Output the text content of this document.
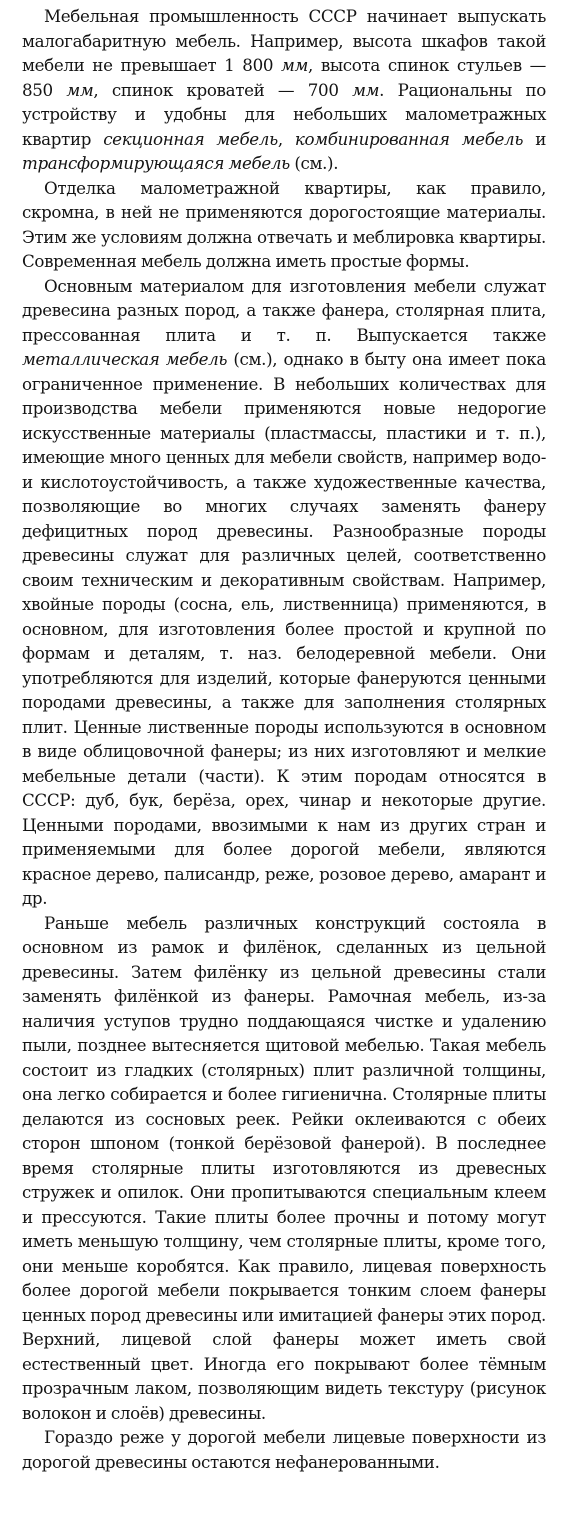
Мебельная промышленность СССР начинает выпускать малогабаритную мебель. Например, высота шкафов такой мебели не превышает 1 800 мм, высота спинок стульев — 850 мм, спинок кроватей — 700 мм. Рациональны по устройству и удобны для небольших малометражных квартир секционная мебель, комбинированная мебель и трансформирующаяся мебель (см.).

Отделка малометражной квартиры, как правило, скромна, в ней не применяются дорогостоящие материалы. Этим же условиям должна отвечать и меблировка квартиры. Современная мебель должна иметь простые формы.

Основным материалом для изготовления мебели служат древесина разных пород, а также фанера, столярная плита, прессованная плита и т. п. Выпускается также металлическая мебель (см.), однако в быту она имеет пока ограниченное применение. В небольших количествах для производства мебели применяются новые недорогие искусственные материалы (пластмассы, пластики и т. п.), имеющие много ценных для мебели свойств, например водо- и кислотоустойчивость, а также художественные качества, позволяющие во многих случаях заменять фанеру дефицитных пород древесины. Разнообразные породы древесины служат для различных целей, соответственно своим техническим и декоративным свойствам. Например, хвойные породы (сосна, ель, лиственница) применяются, в основном, для изготовления более простой и крупной по формам и деталям, т. наз. белодеревной мебели. Они употребляются для изделий, которые фанеруются ценными породами древесины, а также для заполнения столярных плит. Ценные лиственные породы используются в основном в виде облицовочной фанеры; из них изготовляют и мелкие мебельные детали (части). К этим породам относятся в СССР: дуб, бук, берёза, орех, чинар и некоторые другие. Ценными породами, ввозимыми к нам из других стран и применяемыми для более дорогой мебели, являются красное дерево, палисандр, реже, розовое дерево, амарант и др.

Раньше мебель различных конструкций состояла в основном из рамок и филёнок, сделанных из цельной древесины. Затем филёнку из цельной древесины стали заменять филёнкой из фанеры. Рамочная мебель, из-за наличия уступов трудно поддающаяся чистке и удалению пыли, позднее вытесняется щитовой мебелью. Такая мебель состоит из гладких (столярных) плит различной толщины, она легко собирается и более гигиенична. Столярные плиты делаются из сосновых реек. Рейки оклеиваются с обеих сторон шпоном (тонкой берёзовой фанерой). В последнее время столярные плиты изготовляются из древесных стружек и опилок. Они пропитываются специальным клеем и прессуются. Такие плиты более прочны и потому могут иметь меньшую толщину, чем столярные плиты, кроме того, они меньше коробятся. Как правило, лицевая поверхность более дорогой мебели покрывается тонким слоем фанеры ценных пород древесины или имитацией фанеры этих пород. Верхний, лицевой слой фанеры может иметь свой естественный цвет. Иногда его покрывают более тёмным прозрачным лаком, позволяющим видеть текстуру (рисунок волокон и слоёв) древесины.

Гораздо реже у дорогой мебели лицевые поверхности из дорогой древесины остаются нефанерованными.
